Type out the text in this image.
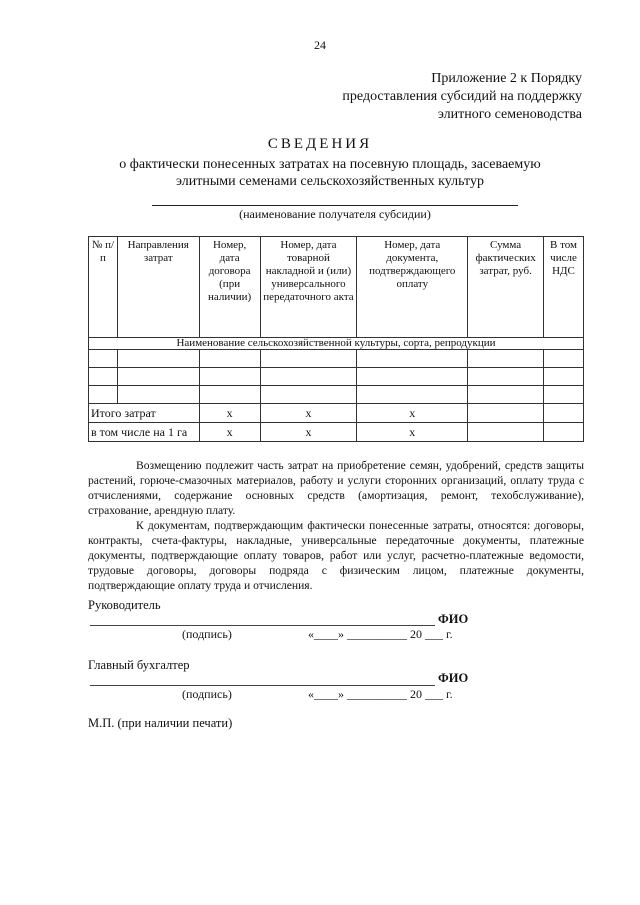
24
Приложение 2 к Порядку
предоставления субсидий на поддержку
элитного семеноводства
СВЕДЕНИЯ
о фактически понесенных затратах на посевную площадь, засеваемую
элитными семенами сельскохозяйственных культур
(наименование получателя субсидии)
№ п/п	Направления затрат	Номер, дата договора (при наличии)	Номер, дата товарной накладной и (или) универсального передаточного акта	Номер, дата документа, подтверждающего оплату	Сумма фактических затрат, руб.	В том числе НДС
Наименование сельскохозяйственной культуры, сорта, репродукции						

Итого затрат		х	х	х		
в том числе на 1 га		х	х	х		

Возмещению подлежит часть затрат на приобретение семян, удобрений, средств защиты растений, горюче-смазочных материалов, работу и услуги сторонних организаций, оплату труда с отчислениями, содержание основных средств (амортизация, ремонт, техобслуживание), страхование, арендную плату.

К документам, подтверждающим фактически понесенные затраты, относятся: договоры, контракты, счета-фактуры, накладные, универсальные передаточные документы, платежные документы, подтверждающие оплату товаров, работ или услуг, расчетно-платежные ведомости, трудовые договоры, договоры подряда с физическим лицом, платежные документы, подтверждающие оплату труда и отчисления.

Руководитель
ФИО
(подпись)	«____» __________ 20 ___ г.
Главный бухгалтер
ФИО
(подпись)	«____» __________ 20 ___ г.
М.П. (при наличии печати)
